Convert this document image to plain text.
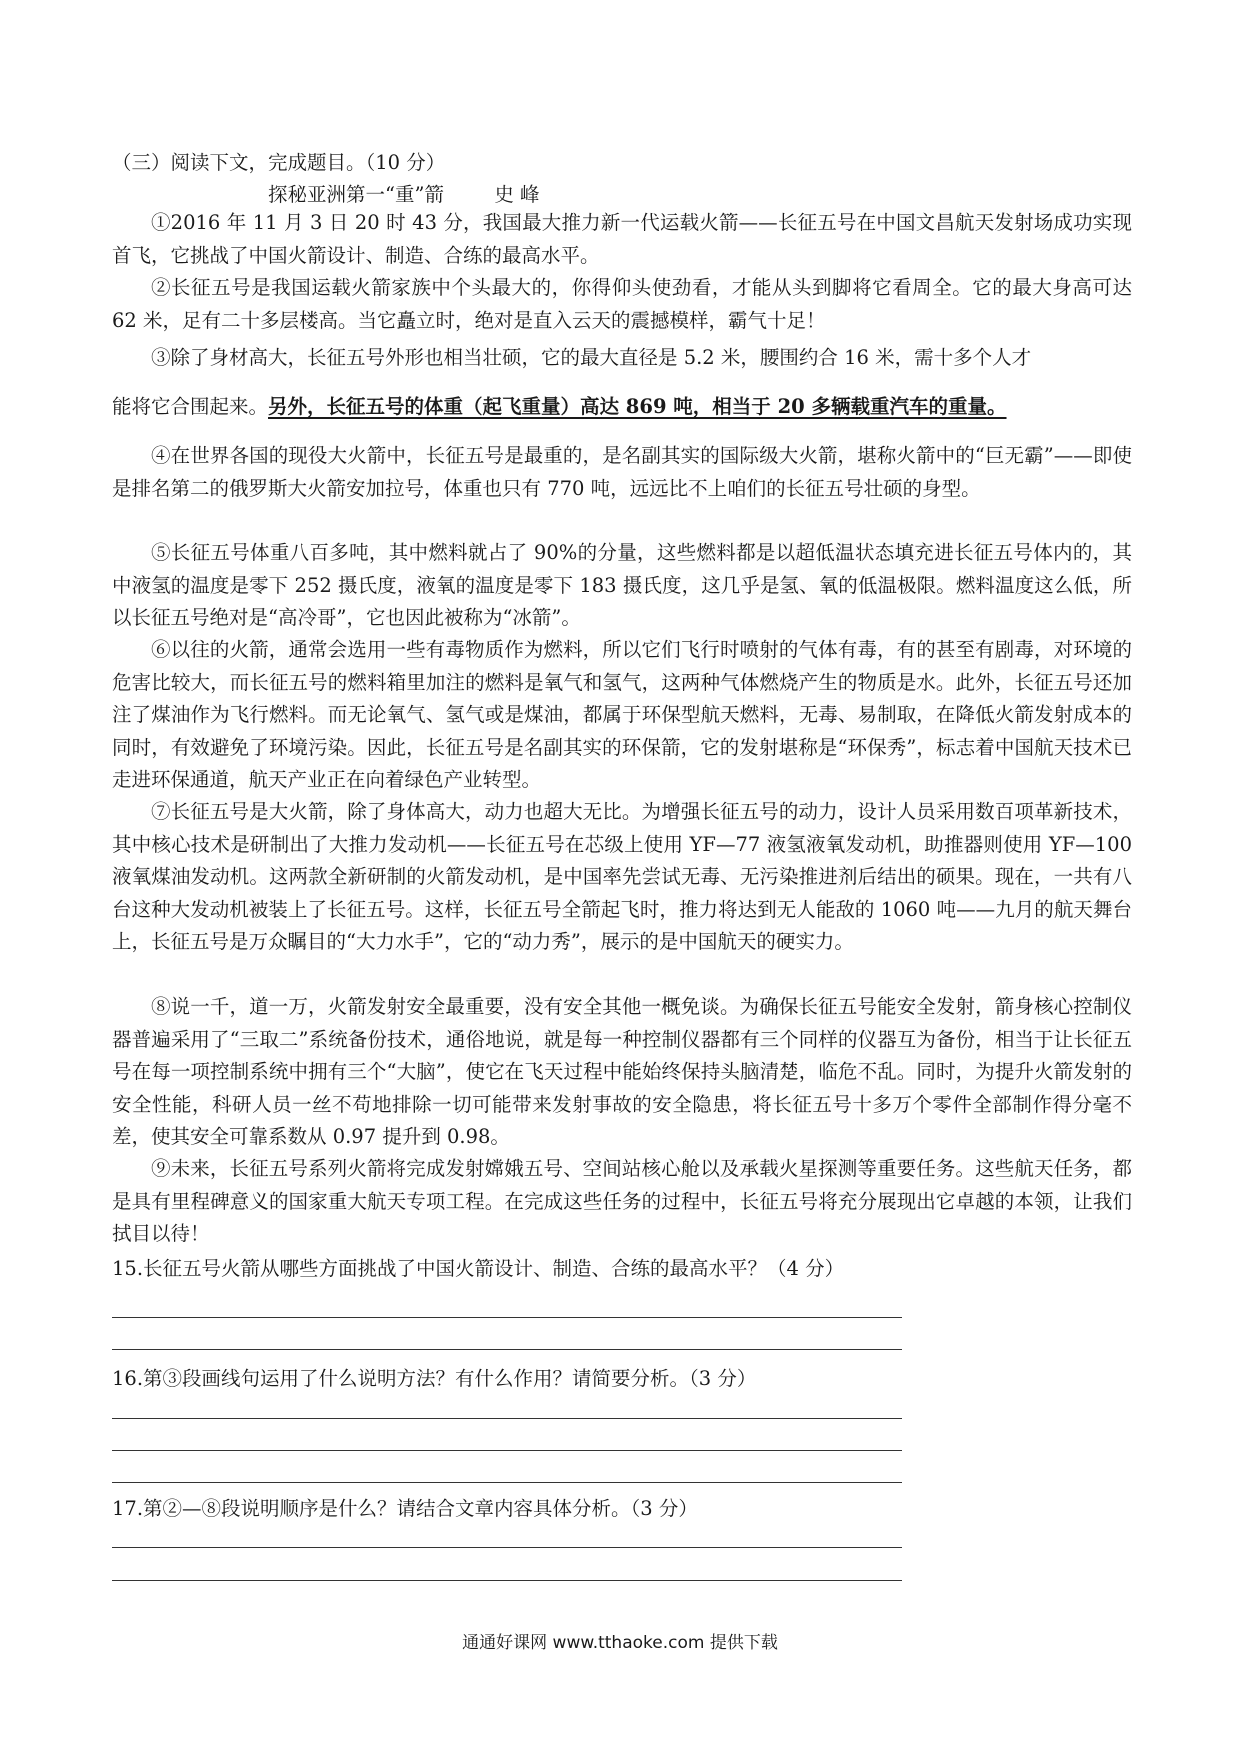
（三）阅读下文，完成题目。（10 分）
探秘亚洲第一“重”箭	史 峰

①2016 年 11 月 3 日 20 时 43 分，我国最大推力新一代运载火箭——长征五号在中国文昌航天发射场成功实现首飞，它挑战了中国火箭设计、制造、合练的最高水平。

②长征五号是我国运载火箭家族中个头最大的，你得仰头使劲看，才能从头到脚将它看周全。它的最大身高可达 62 米，足有二十多层楼高。当它矗立时，绝对是直入云天的震撼模样，霸气十足！

③除了身材高大，长征五号外形也相当壮硕，它的最大直径是 5.2 米，腰围约合 16 米，需十多个人才
能将它合围起来。另外，长征五号的体重（起飞重量）高达 869 吨，相当于 20 多辆载重汽车的重量。

④在世界各国的现役大火箭中，长征五号是最重的，是名副其实的国际级大火箭，堪称火箭中的“巨无霸”——即使是排名第二的俄罗斯大火箭安加拉号，体重也只有 770 吨，远远比不上咱们的长征五号壮硕的身型。

⑤长征五号体重八百多吨，其中燃料就占了 90%的分量，这些燃料都是以超低温状态填充进长征五号体内的，其中液氢的温度是零下 252 摄氏度，液氧的温度是零下 183 摄氏度，这几乎是氢、氧的低温极限。燃料温度这么低，所以长征五号绝对是“高冷哥”，它也因此被称为“冰箭”。

⑥以往的火箭，通常会选用一些有毒物质作为燃料，所以它们飞行时喷射的气体有毒，有的甚至有剧毒，对环境的危害比较大，而长征五号的燃料箱里加注的燃料是氧气和氢气，这两种气体燃烧产生的物质是水。此外，长征五号还加注了煤油作为飞行燃料。而无论氧气、氢气或是煤油，都属于环保型航天燃料，无毒、易制取，在降低火箭发射成本的同时，有效避免了环境污染。因此，长征五号是名副其实的环保箭，它的发射堪称是“环保秀”，标志着中国航天技术已走进环保通道，航天产业正在向着绿色产业转型。

⑦长征五号是大火箭，除了身体高大，动力也超大无比。为增强长征五号的动力，设计人员采用数百项革新技术，其中核心技术是研制出了大推力发动机——长征五号在芯级上使用 YF—77 液氢液氧发动机，助推器则使用 YF—100 液氧煤油发动机。这两款全新研制的火箭发动机，是中国率先尝试无毒、无污染推进剂后结出的硕果。现在，一共有八台这种大发动机被装上了长征五号。这样，长征五号全箭起飞时，推力将达到无人能敌的 1060 吨——九月的航天舞台上，长征五号是万众瞩目的“大力水手”，它的“动力秀”，展示的是中国航天的硬实力。

⑧说一千，道一万，火箭发射安全最重要，没有安全其他一概免谈。为确保长征五号能安全发射，箭身核心控制仪器普遍采用了“三取二”系统备份技术，通俗地说，就是每一种控制仪器都有三个同样的仪器互为备份，相当于让长征五号在每一项控制系统中拥有三个“大脑”，使它在飞天过程中能始终保持头脑清楚，临危不乱。同时，为提升火箭发射的安全性能，科研人员一丝不苟地排除一切可能带来发射事故的安全隐患，将长征五号十多万个零件全部制作得分毫不差，使其安全可靠系数从 0.97 提升到 0.98。

⑨未来，长征五号系列火箭将完成发射嫦娥五号、空间站核心舱以及承载火星探测等重要任务。这些航天任务，都是具有里程碑意义的国家重大航天专项工程。在完成这些任务的过程中，长征五号将充分展现出它卓越的本领，让我们拭目以待！

15.长征五号火箭从哪些方面挑战了中国火箭设计、制造、合练的最高水平？（4 分）
16.第③段画线句运用了什么说明方法？有什么作用？请简要分析。（3 分）
17.第②—⑧段说明顺序是什么？请结合文章内容具体分析。（3 分）
通通好课网 www.tthaoke.com 提供下载
